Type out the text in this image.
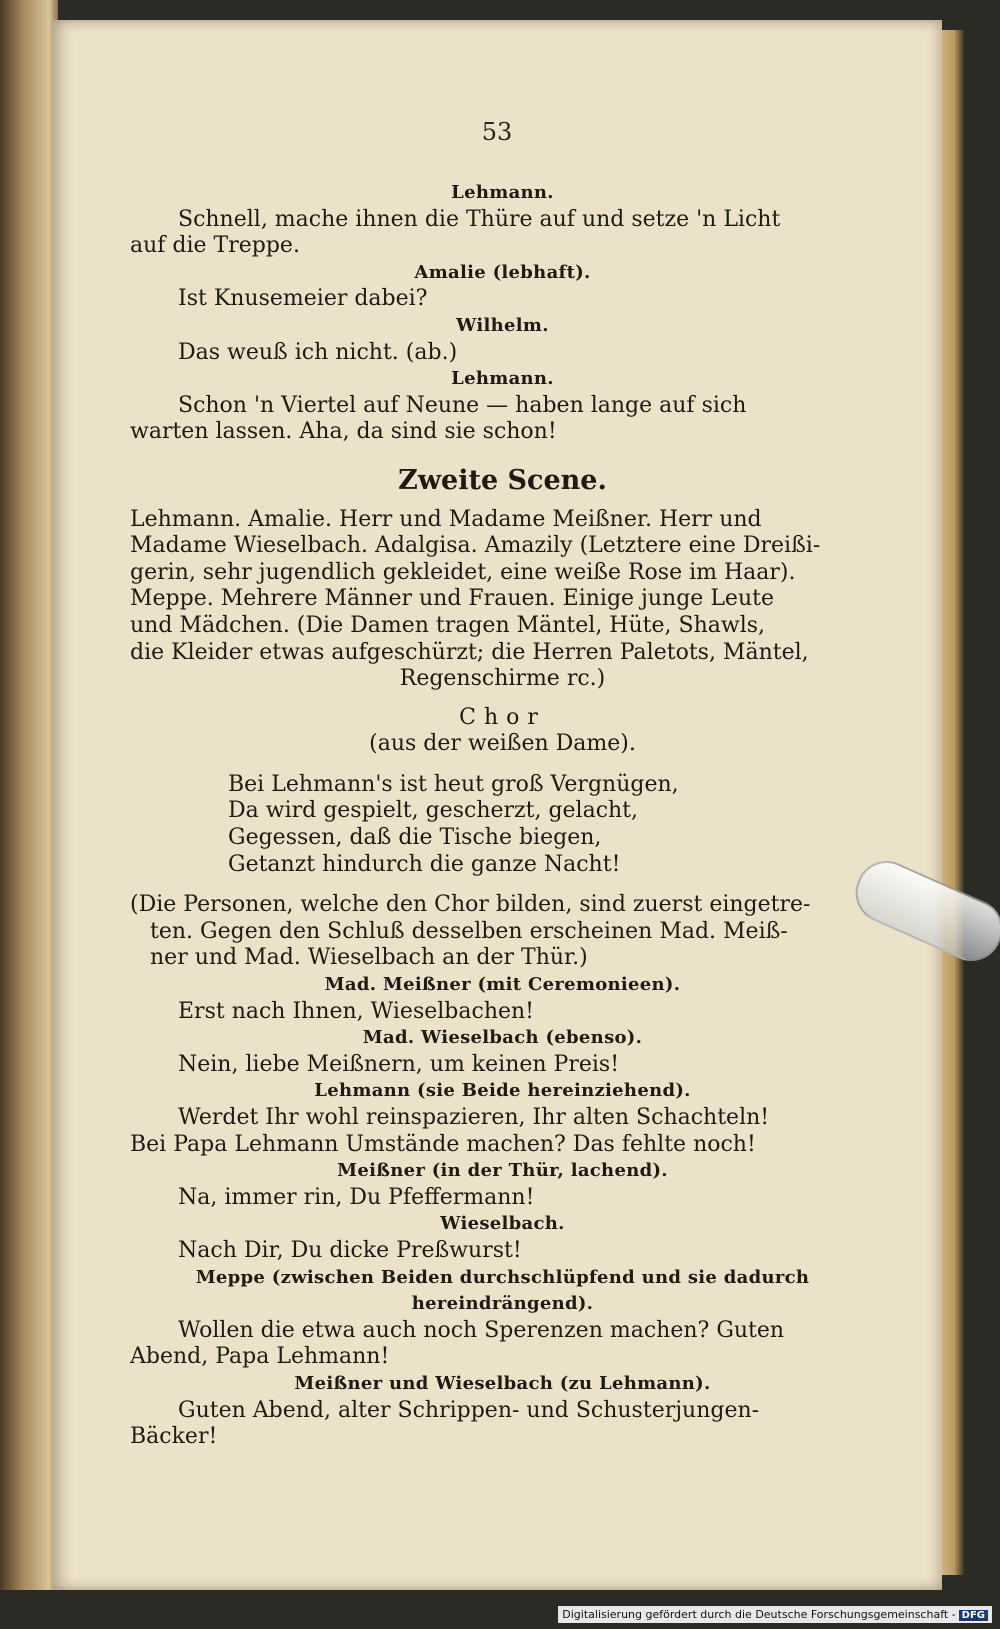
53

Lehmann.

Schnell, mache ihnen die Thüre auf und setze 'n Licht

auf die Treppe.

Amalie (lebhaft).

Ist Knusemeier dabei?

Wilhelm.

Das weuß ich nicht. (ab.)

Lehmann.

Schon 'n Viertel auf Neune — haben lange auf sich

warten lassen. Aha, da sind sie schon!

Zweite Scene.

Lehmann. Amalie. Herr und Madame Meißner. Herr und

Madame Wieselbach. Adalgisa. Amazily (Letztere eine Dreißi-

gerin, sehr jugendlich gekleidet, eine weiße Rose im Haar).

Meppe. Mehrere Männer und Frauen. Einige junge Leute

und Mädchen. (Die Damen tragen Mäntel, Hüte, Shawls,

die Kleider etwas aufgeschürzt; die Herren Paletots, Mäntel,

Regenschirme rc.)

Chor

(aus der weißen Dame).

Bei Lehmann's ist heut groß Vergnügen,

Da wird gespielt, gescherzt, gelacht,

Gegessen, daß die Tische biegen,

Getanzt hindurch die ganze Nacht!

(Die Personen, welche den Chor bilden, sind zuerst eingetre-

ten. Gegen den Schluß desselben erscheinen Mad. Meiß-

ner und Mad. Wieselbach an der Thür.)

Mad. Meißner (mit Ceremonieen).

Erst nach Ihnen, Wieselbachen!

Mad. Wieselbach (ebenso).

Nein, liebe Meißnern, um keinen Preis!

Lehmann (sie Beide hereinziehend).

Werdet Ihr wohl reinspazieren, Ihr alten Schachteln!

Bei Papa Lehmann Umstände machen? Das fehlte noch!

Meißner (in der Thür, lachend).

Na, immer rin, Du Pfeffermann!

Wieselbach.

Nach Dir, Du dicke Preßwurst!

Meppe (zwischen Beiden durchschlüpfend und sie dadurch

hereindrängend).

Wollen die etwa auch noch Sperenzen machen? Guten

Abend, Papa Lehmann!

Meißner und Wieselbach (zu Lehmann).

Guten Abend, alter Schrippen- und Schusterjungen-

Bäcker!

Digitalisierung gefördert durch die Deutsche Forschungsgemeinschaft - DFG
